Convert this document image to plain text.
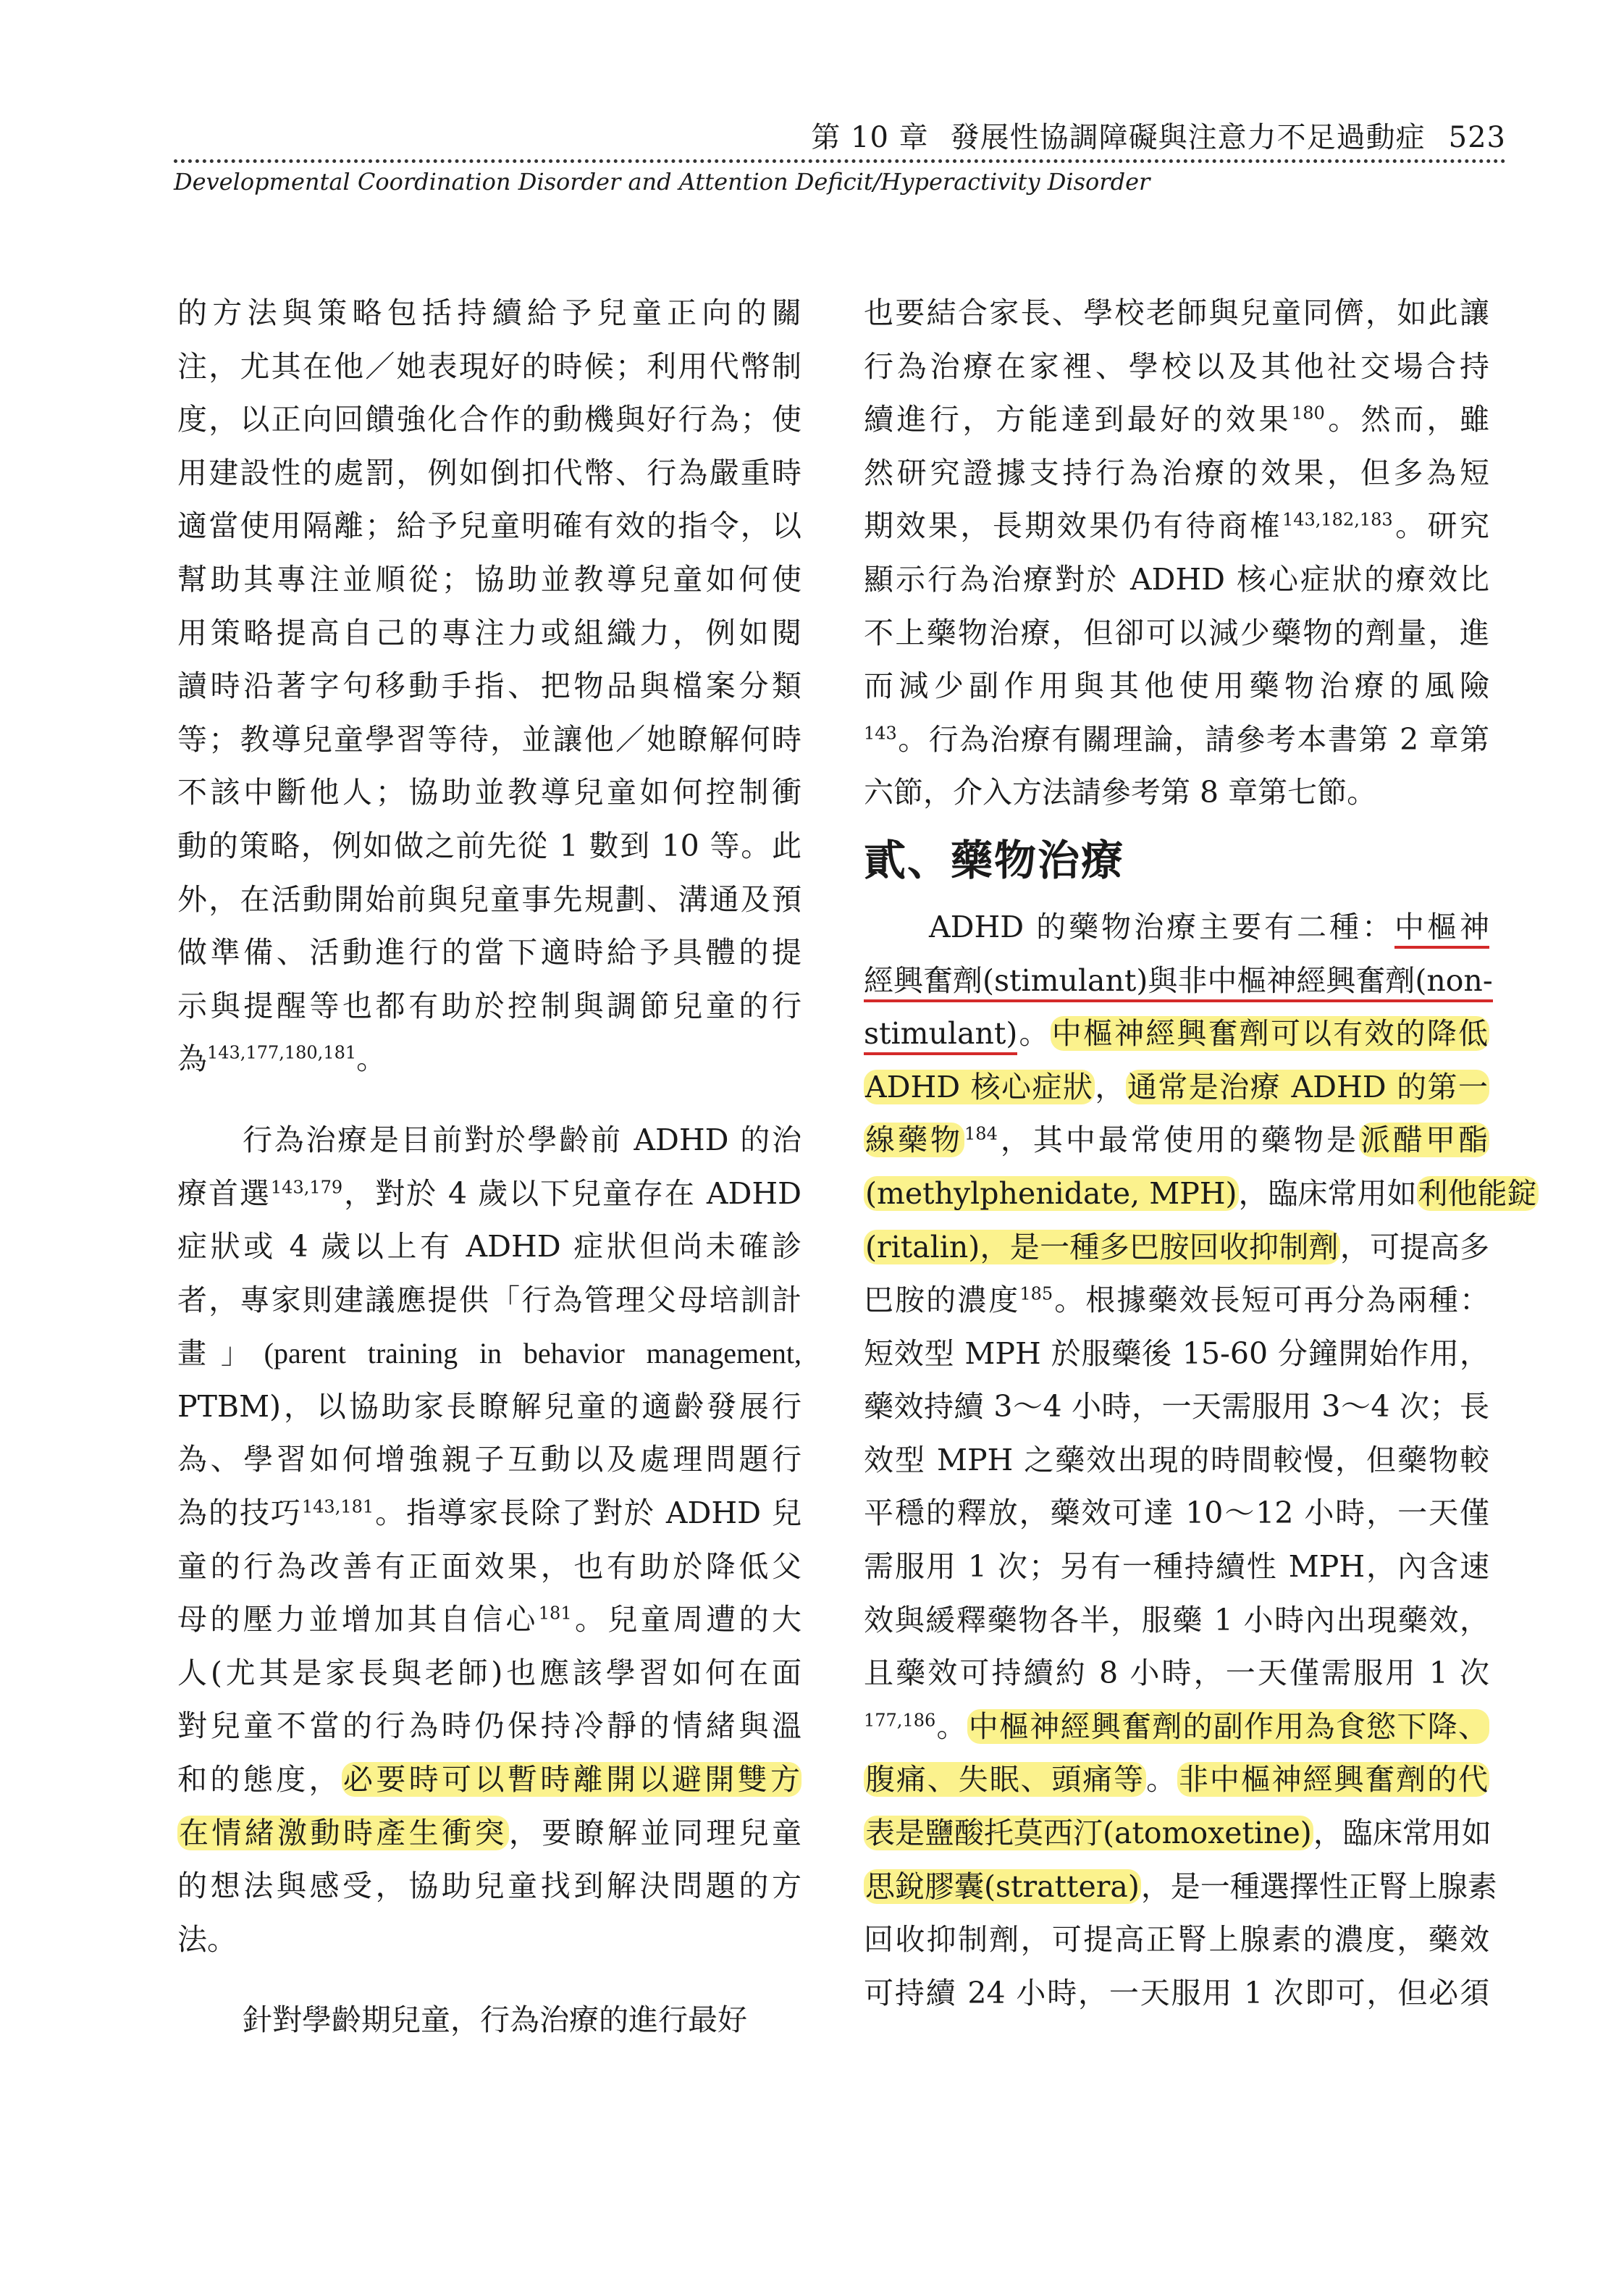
第 10 章 發展性協調障礙與注意力不足過動症 523
Developmental Coordination Disorder and Attention Deficit/Hyperactivity Disorder
的方法與策略包括持續給予兒童正向的關
注，尤其在他／她表現好的時候；利用代幣制
度，以正向回饋強化合作的動機與好行為；使
用建設性的處罰，例如倒扣代幣、行為嚴重時
適當使用隔離；給予兒童明確有效的指令，以
幫助其專注並順從；協助並教導兒童如何使
用策略提高自己的專注力或組織力，例如閱
讀時沿著字句移動手指、把物品與檔案分類
等；教導兒童學習等待，並讓他／她瞭解何時
不該中斷他人；協助並教導兒童如何控制衝
動的策略，例如做之前先從 1 數到 10 等。此
外，在活動開始前與兒童事先規劃、溝通及預
做準備、活動進行的當下適時給予具體的提
示與提醒等也都有助於控制與調節兒童的行
為$^{143,177,180,181}$。
行為治療是目前對於學齡前 ADHD 的治
療首選$^{143,179}$，對於 4 歲以下兒童存在 ADHD
症狀或 4 歲以上有 ADHD 症狀但尚未確診
者，專家則建議應提供「行為管理父母培訓計
畫」(parent training in behavior management,
PTBM)，以協助家長瞭解兒童的適齡發展行
為、學習如何增強親子互動以及處理問題行
為的技巧$^{143,181}$。指導家長除了對於 ADHD 兒
童的行為改善有正面效果，也有助於降低父
母的壓力並增加其自信心$^{181}$。兒童周遭的大
人(尤其是家長與老師)也應該學習如何在面
對兒童不當的行為時仍保持冷靜的情緒與溫
和的態度，必要時可以暫時離開以避開雙方
在情緒激動時產生衝突，要瞭解並同理兒童
的想法與感受，協助兒童找到解決問題的方
法。
針對學齡期兒童，行為治療的進行最好
也要結合家長、學校老師與兒童同儕，如此讓
行為治療在家裡、學校以及其他社交場合持
續進行，方能達到最好的效果$^{180}$。然而，雖
然研究證據支持行為治療的效果，但多為短
期效果，長期效果仍有待商榷$^{143,182,183}$。研究
顯示行為治療對於 ADHD 核心症狀的療效比
不上藥物治療，但卻可以減少藥物的劑量，進
而減少副作用與其他使用藥物治療的風險
$^{143}$。行為治療有關理論，請參考本書第 2 章第
六節，介入方法請參考第 8 章第七節。
貳、藥物治療
ADHD 的藥物治療主要有二種：中樞神
經興奮劑(stimulant)與非中樞神經興奮劑(non-
stimulant)。中樞神經興奮劑可以有效的降低
ADHD 核心症狀，通常是治療 ADHD 的第一
線藥物$^{184}$，其中最常使用的藥物是派醋甲酯
(methylphenidate, MPH)，臨床常用如利他能錠
(ritalin)，是一種多巴胺回收抑制劑，可提高多
巴胺的濃度$^{185}$。根據藥效長短可再分為兩種：
短效型 MPH 於服藥後 15-60 分鐘開始作用，
藥效持續 3～4 小時，一天需服用 3～4 次；長
效型 MPH 之藥效出現的時間較慢，但藥物較
平穩的釋放，藥效可達 10～12 小時，一天僅
需服用 1 次；另有一種持續性 MPH，內含速
效與緩釋藥物各半，服藥 1 小時內出現藥效，
且藥效可持續約 8 小時，一天僅需服用 1 次
$^{177,186}$。中樞神經興奮劑的副作用為食慾下降、
腹痛、失眠、頭痛等。非中樞神經興奮劑的代
表是鹽酸托莫西汀(atomoxetine)，臨床常用如
思銳膠囊(strattera)，是一種選擇性正腎上腺素
回收抑制劑，可提高正腎上腺素的濃度，藥效
可持續 24 小時，一天服用 1 次即可，但必須
